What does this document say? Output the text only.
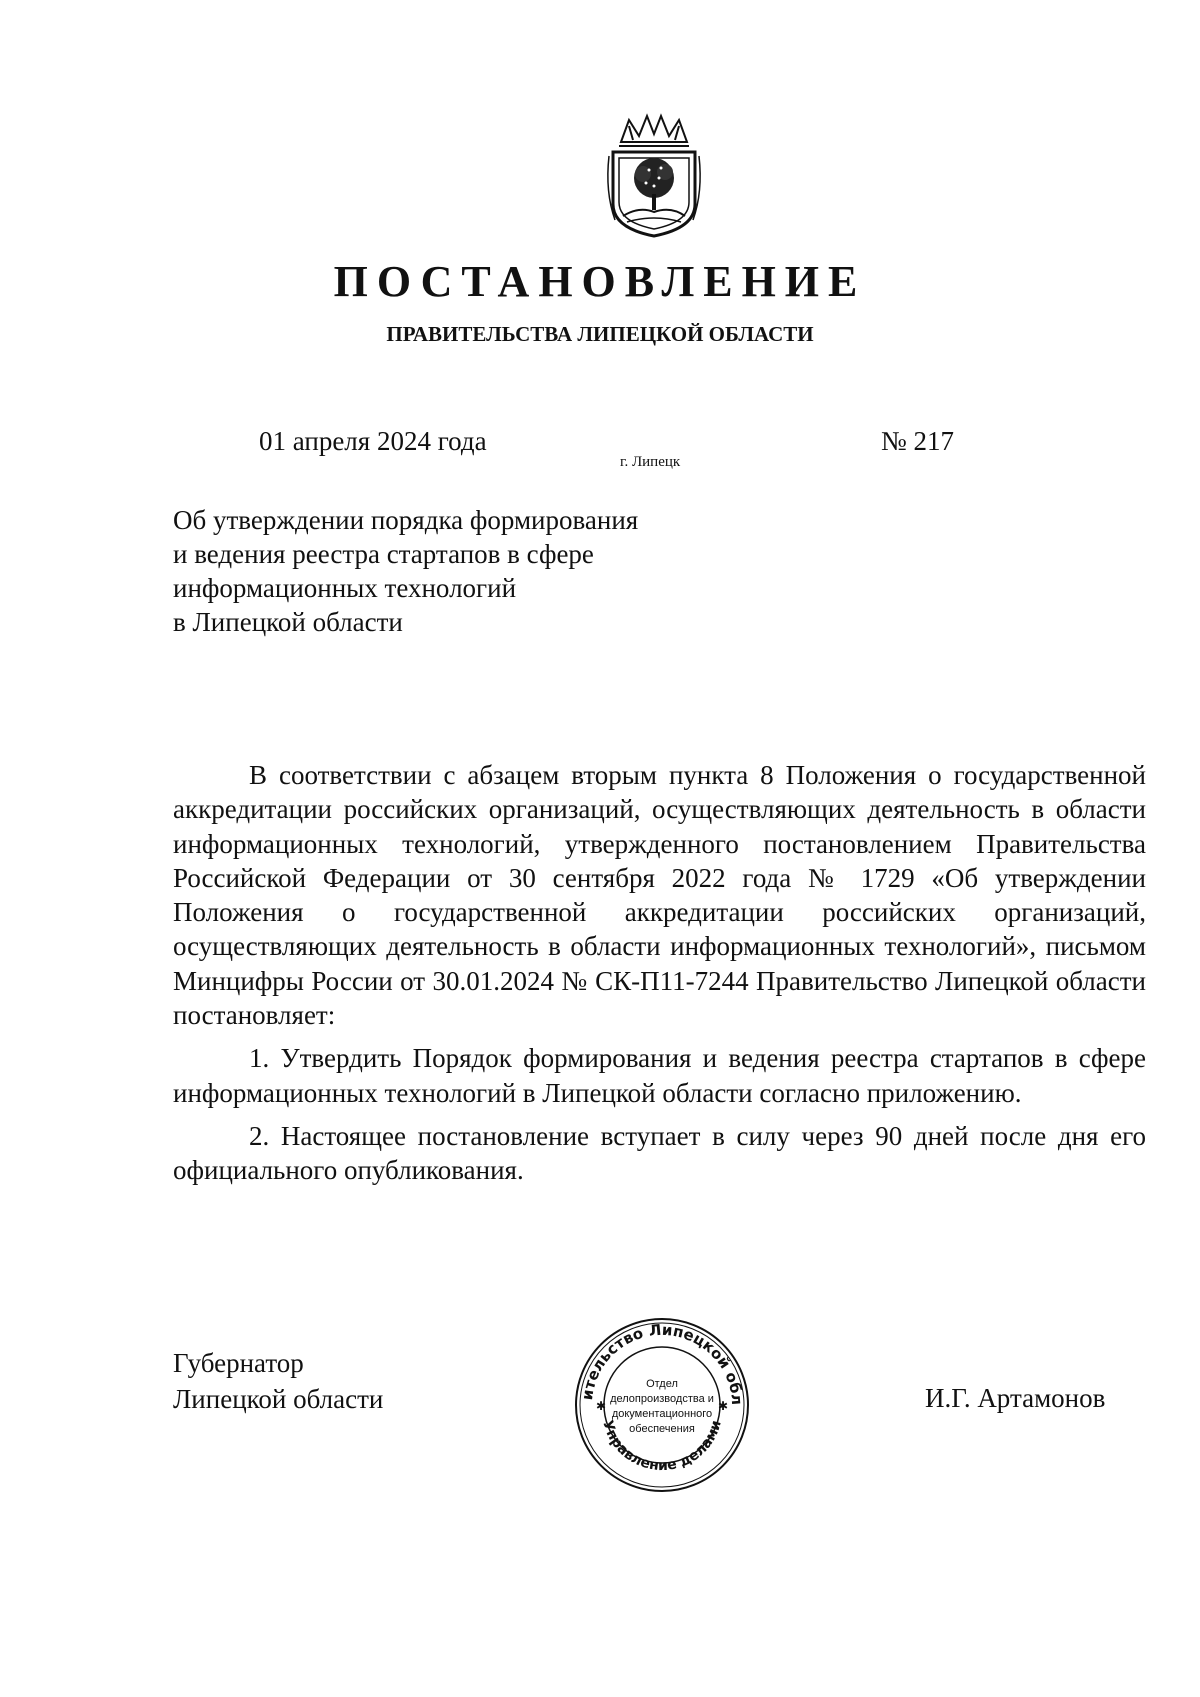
ПОСТАНОВЛЕНИЕ
ПРАВИТЕЛЬСТВА ЛИПЕЦКОЙ ОБЛАСТИ
01 апреля 2024 года
г. Липецк
№ 217
Об утверждении порядка формирования
и ведения реестра стартапов в сфере
информационных технологий
в Липецкой области

В соответствии с абзацем вторым пункта 8 Положения о государственной аккредитации российских организаций, осуществляющих деятельность в области информационных технологий, утвержденного постановлением Правительства Российской Федерации от 30 сентября 2022 года № 1729 «Об утверждении Положения о государственной аккредитации российских организаций, осуществляющих деятельность в области информационных технологий», письмом Минцифры России от 30.01.2024 № СК-П11-7244 Правительство Липецкой области постановляет:

1. Утвердить Порядок формирования и ведения реестра стартапов в сфере информационных технологий в Липецкой области согласно приложению.

2. Настоящее постановление вступает в силу через 90 дней после дня его официального опубликования.

Губернатор
Липецкой области	И.Г. Артамонов
ительство Липецкой обл
Управление делами
✱	✱
Отдел
делопроизводства и
документационного
обеспечения
